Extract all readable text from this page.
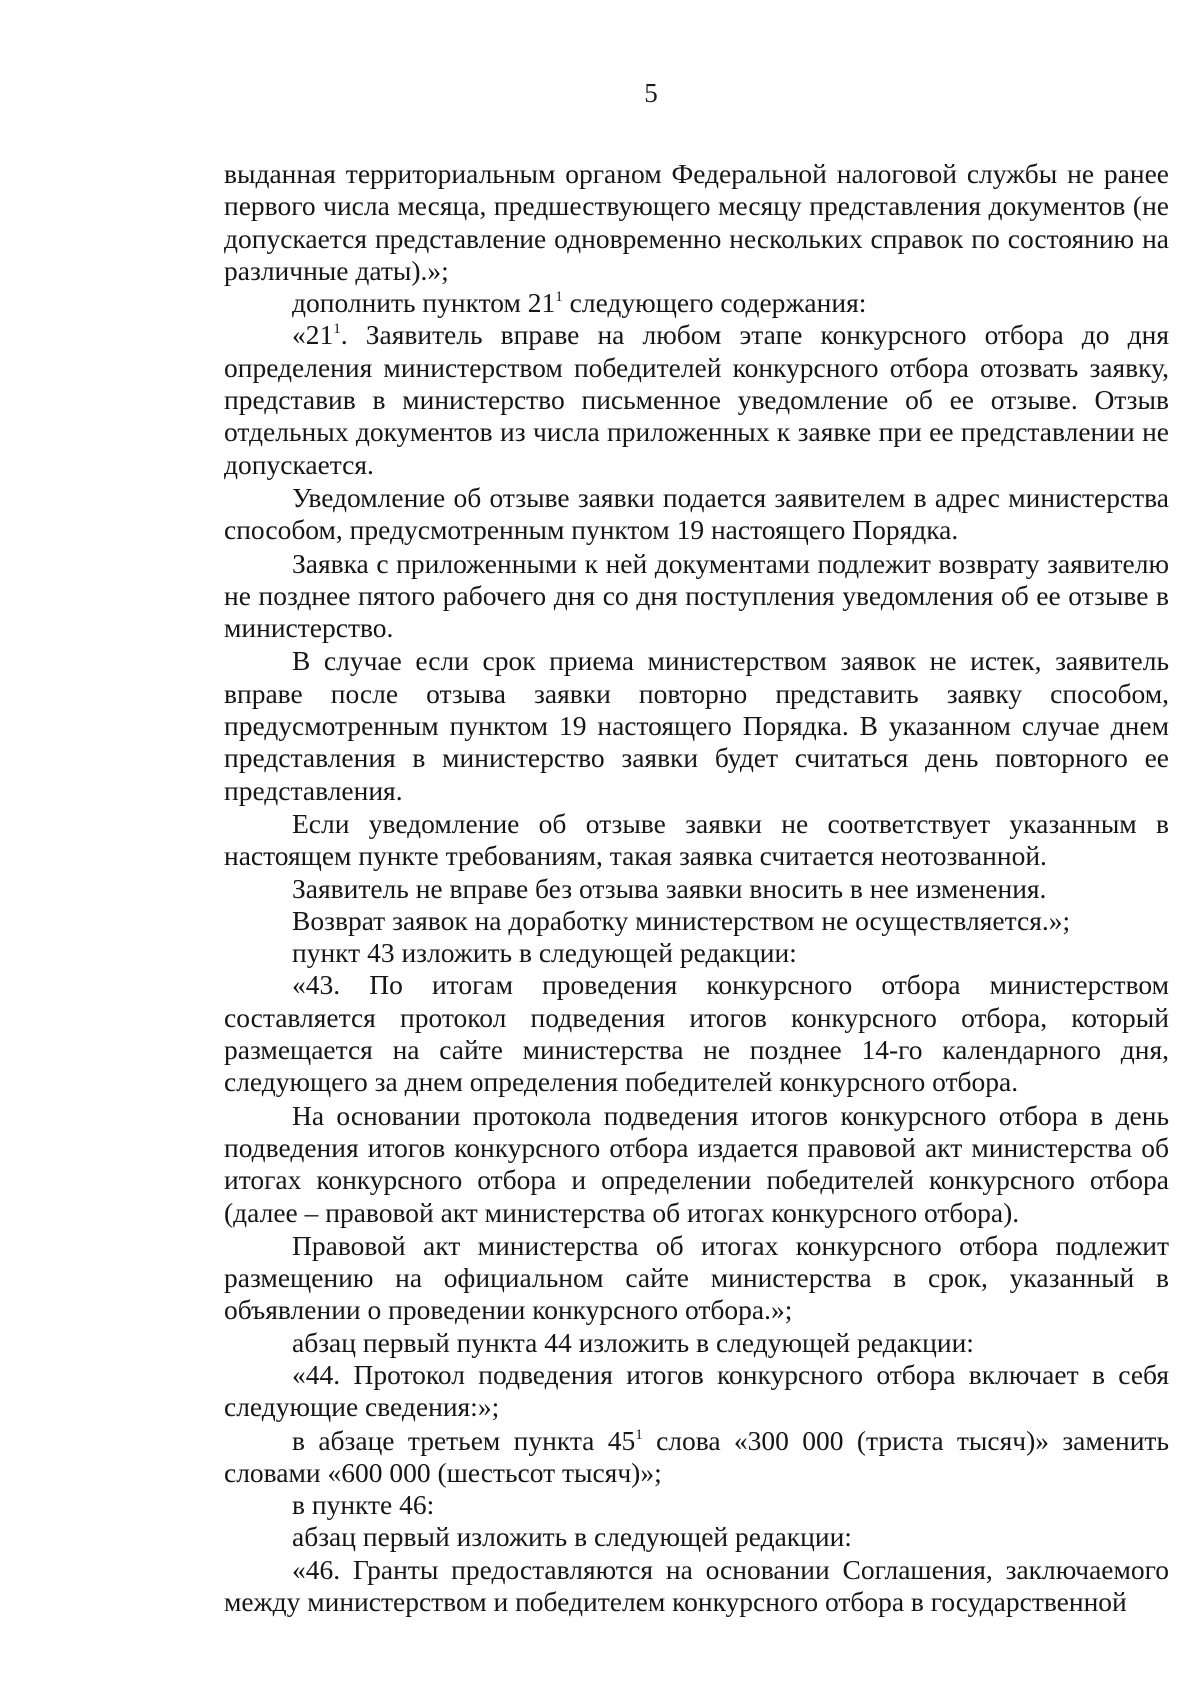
5

выданная территориальным органом Федеральной налоговой службы не ранее первого числа месяца, предшествующего месяцу представления документов (не допускается представление одновременно нескольких справок по состоянию на различные даты).»;

дополнить пунктом $21^1$ следующего содержания:

«$21^1$. Заявитель вправе на любом этапе конкурсного отбора до дня определения министерством победителей конкурсного отбора отозвать заявку, представив в министерство письменное уведомление об ее отзыве. Отзыв отдельных документов из числа приложенных к заявке при ее представлении не допускается.

Уведомление об отзыве заявки подается заявителем в адрес министерства способом, предусмотренным пунктом 19 настоящего Порядка.

Заявка с приложенными к ней документами подлежит возврату заявителю не позднее пятого рабочего дня со дня поступления уведомления об ее отзыве в министерство.

В случае если срок приема министерством заявок не истек, заявитель вправе после отзыва заявки повторно представить заявку способом, предусмотренным пунктом 19 настоящего Порядка. В указанном случае днем представления в министерство заявки будет считаться день повторного ее представления.

Если уведомление об отзыве заявки не соответствует указанным в настоящем пункте требованиям, такая заявка считается неотозванной.

Заявитель не вправе без отзыва заявки вносить в нее изменения.

Возврат заявок на доработку министерством не осуществляется.»;

пункт 43 изложить в следующей редакции:

«43. По итогам проведения конкурсного отбора министерством составляется протокол подведения итогов конкурсного отбора, который размещается на сайте министерства не позднее 14-го календарного дня, следующего за днем определения победителей конкурсного отбора.

На основании протокола подведения итогов конкурсного отбора в день подведения итогов конкурсного отбора издается правовой акт министерства об итогах конкурсного отбора и определении победителей конкурсного отбора (далее – правовой акт министерства об итогах конкурсного отбора).

Правовой акт министерства об итогах конкурсного отбора подлежит размещению на официальном сайте министерства в срок, указанный в объявлении о проведении конкурсного отбора.»;

абзац первый пункта 44 изложить в следующей редакции:

«44. Протокол подведения итогов конкурсного отбора включает в себя следующие сведения:»;

в абзаце третьем пункта $45^1$ слова «300 000 (триста тысяч)» заменить словами «600 000 (шестьсот тысяч)»;

в пункте 46:

абзац первый изложить в следующей редакции:

«46. Гранты предоставляются на основании Соглашения, заключаемого между министерством и победителем конкурсного отбора в государственной
